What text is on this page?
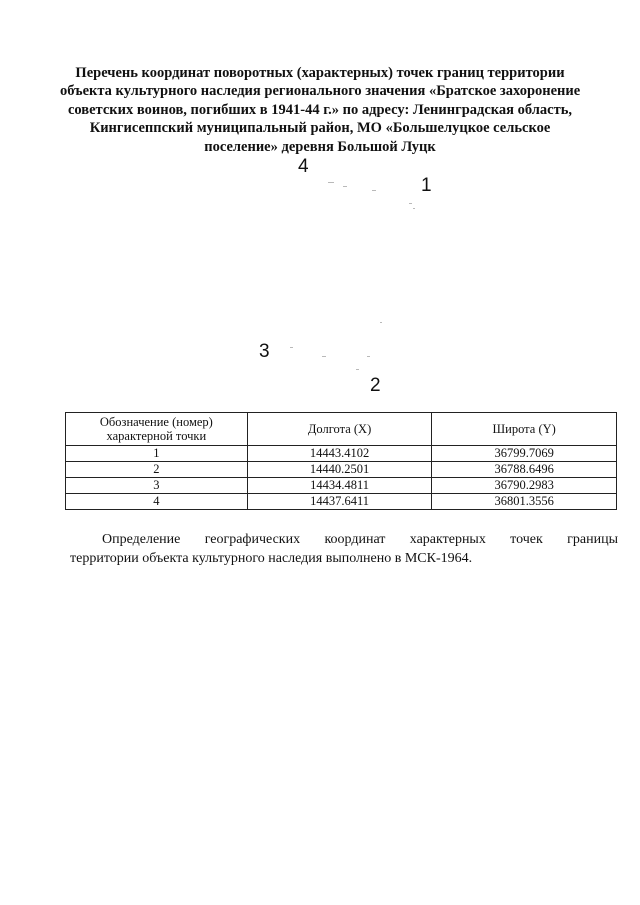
Перечень координат поворотных (характерных) точек границ территории
объекта культурного наследия регионального значения «Братское захоронение
советских воинов, погибших в 1941-44 г.» по адресу: Ленинградская область,
Кингисеппский муниципальный район, МО «Большелуцкое сельское
поселение» деревня Большой Луцк
4
1
3
2
Обозначение (номер) характерной точки	Долгота (X)	Широта (Y)
1	14443.4102	36799.7069
2	14440.2501	36788.6496
3	14434.4811	36790.2983
4	14437.6411	36801.3556
Определение географических координат характерных точек границы
территории объекта культурного наследия выполнено в МСК-1964.
